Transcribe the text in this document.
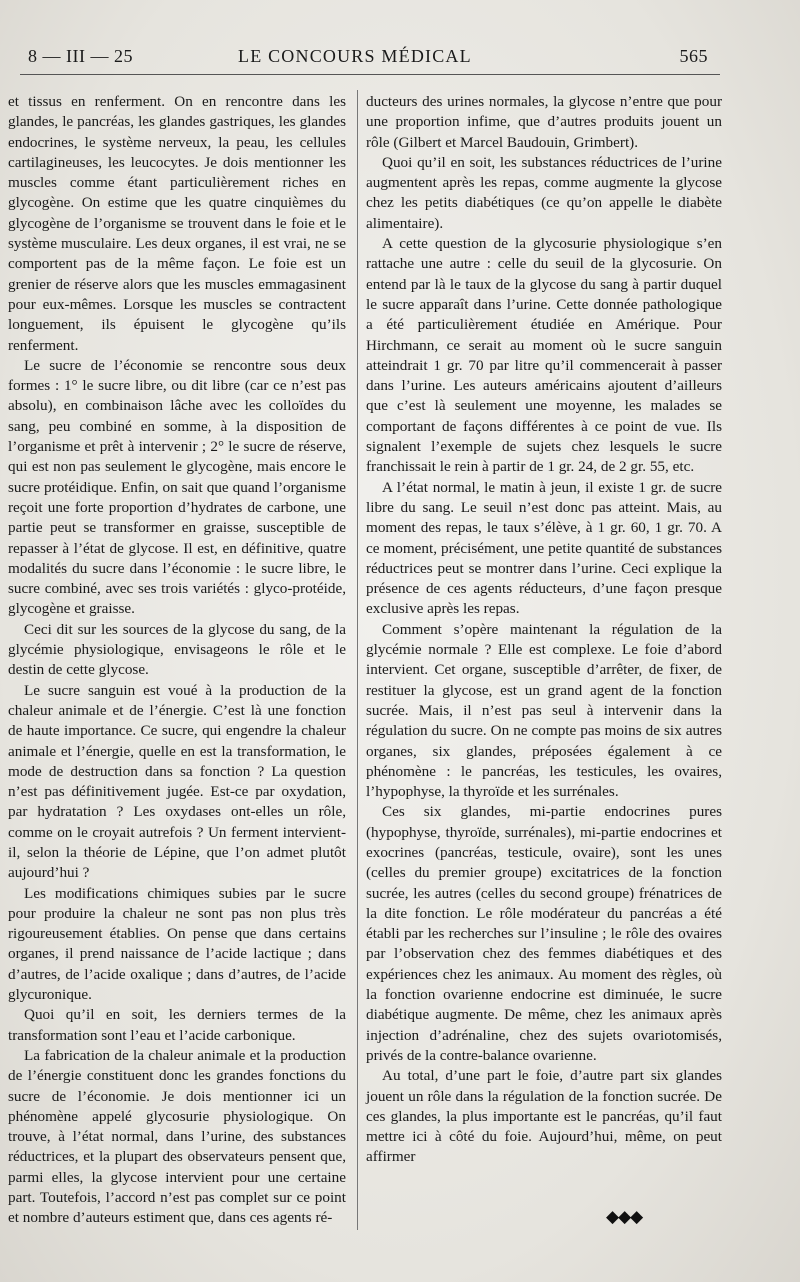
8 — III — 25	LE CONCOURS MÉDICAL	565

et tissus en renferment. On en rencontre dans les glandes, le pancréas, les glandes gastriques, les glandes endocrines, le système nerveux, la peau, les cellules cartilagineuses, les leucocytes. Je dois mentionner les muscles comme étant particulièrement riches en glycogène. On estime que les quatre cinquièmes du glycogène de l’organisme se trouvent dans le foie et le système musculaire. Les deux organes, il est vrai, ne se comportent pas de la même façon. Le foie est un grenier de réserve alors que les muscles emmagasinent pour eux-mêmes. Lorsque les muscles se contractent longuement, ils épuisent le glycogène qu’ils renferment.

Le sucre de l’économie se rencontre sous deux formes : 1° le sucre libre, ou dit libre (car ce n’est pas absolu), en combinaison lâche avec les colloïdes du sang, peu combiné en somme, à la disposition de l’organisme et prêt à intervenir ; 2° le sucre de réserve, qui est non pas seulement le glycogène, mais encore le sucre protéidique. Enfin, on sait que quand l’organisme reçoit une forte proportion d’hydrates de carbone, une partie peut se transformer en graisse, susceptible de repasser à l’état de glycose. Il est, en définitive, quatre modalités du sucre dans l’économie : le sucre libre, le sucre combiné, avec ses trois variétés : glyco-protéide, glycogène et graisse.

Ceci dit sur les sources de la glycose du sang, de la glycémie physiologique, envisageons le rôle et le destin de cette glycose.

Le sucre sanguin est voué à la production de la chaleur animale et de l’énergie. C’est là une fonction de haute importance. Ce sucre, qui engendre la chaleur animale et l’énergie, quelle en est la transformation, le mode de destruction dans sa fonction ? La question n’est pas définitivement jugée. Est-ce par oxydation, par hydratation ? Les oxydases ont-elles un rôle, comme on le croyait autrefois ? Un ferment intervient-il, selon la théorie de Lépine, que l’on admet plutôt aujourd’hui ?

Les modifications chimiques subies par le sucre pour produire la chaleur ne sont pas non plus très rigoureusement établies. On pense que dans certains organes, il prend naissance de l’acide lactique ; dans d’autres, de l’acide oxalique ; dans d’autres, de l’acide glycuronique.

Quoi qu’il en soit, les derniers termes de la transformation sont l’eau et l’acide carbonique.

La fabrication de la chaleur animale et la production de l’énergie constituent donc les grandes fonctions du sucre de l’économie. Je dois mentionner ici un phénomène appelé glycosurie physiologique. On trouve, à l’état normal, dans l’urine, des substances réductrices, et la plupart des observateurs pensent que, parmi elles, la glycose intervient pour une certaine part. Toutefois, l’accord n’est pas complet sur ce point et nombre d’auteurs estiment que, dans ces agents ré-

ducteurs des urines normales, la glycose n’entre que pour une proportion infime, que d’autres produits jouent un rôle (Gilbert et Marcel Baudouin, Grimbert).

Quoi qu’il en soit, les substances réductrices de l’urine augmentent après les repas, comme augmente la glycose chez les petits diabétiques (ce qu’on appelle le diabète alimentaire).

A cette question de la glycosurie physiologique s’en rattache une autre : celle du seuil de la glycosurie. On entend par là le taux de la glycose du sang à partir duquel le sucre apparaît dans l’urine. Cette donnée pathologique a été particulièrement étudiée en Amérique. Pour Hirchmann, ce serait au moment où le sucre sanguin atteindrait 1 gr. 70 par litre qu’il commencerait à passer dans l’urine. Les auteurs américains ajoutent d’ailleurs que c’est là seulement une moyenne, les malades se comportant de façons différentes à ce point de vue. Ils signalent l’exemple de sujets chez lesquels le sucre franchissait le rein à partir de 1 gr. 24, de 2 gr. 55, etc.

A l’état normal, le matin à jeun, il existe 1 gr. de sucre libre du sang. Le seuil n’est donc pas atteint. Mais, au moment des repas, le taux s’élève, à 1 gr. 60, 1 gr. 70. A ce moment, précisément, une petite quantité de substances réductrices peut se montrer dans l’urine. Ceci explique la présence de ces agents réducteurs, d’une façon presque exclusive après les repas.

Comment s’opère maintenant la régulation de la glycémie normale ? Elle est complexe. Le foie d’abord intervient. Cet organe, susceptible d’arrêter, de fixer, de restituer la glycose, est un grand agent de la fonction sucrée. Mais, il n’est pas seul à intervenir dans la régulation du sucre. On ne compte pas moins de six autres organes, six glandes, préposées également à ce phénomène : le pancréas, les testicules, les ovaires, l’hypophyse, la thyroïde et les surrénales.

Ces six glandes, mi-partie endocrines pures (hypophyse, thyroïde, surrénales), mi-partie endocrines et exocrines (pancréas, testicule, ovaire), sont les unes (celles du premier groupe) excitatrices de la fonction sucrée, les autres (celles du second groupe) frénatrices de la dite fonction. Le rôle modérateur du pancréas a été établi par les recherches sur l’insuline ; le rôle des ovaires par l’observation chez des femmes diabétiques et des expériences chez les animaux. Au moment des règles, où la fonction ovarienne endocrine est diminuée, le sucre diabétique augmente. De même, chez les animaux après injection d’adrénaline, chez des sujets ovariotomisés, privés de la contre-balance ovarienne.

Au total, d’une part le foie, d’autre part six glandes jouent un rôle dans la régulation de la fonction sucrée. De ces glandes, la plus importante est le pancréas, qu’il faut mettre ici à côté du foie. Aujourd’hui, même, on peut affirmer

◆◆◆
